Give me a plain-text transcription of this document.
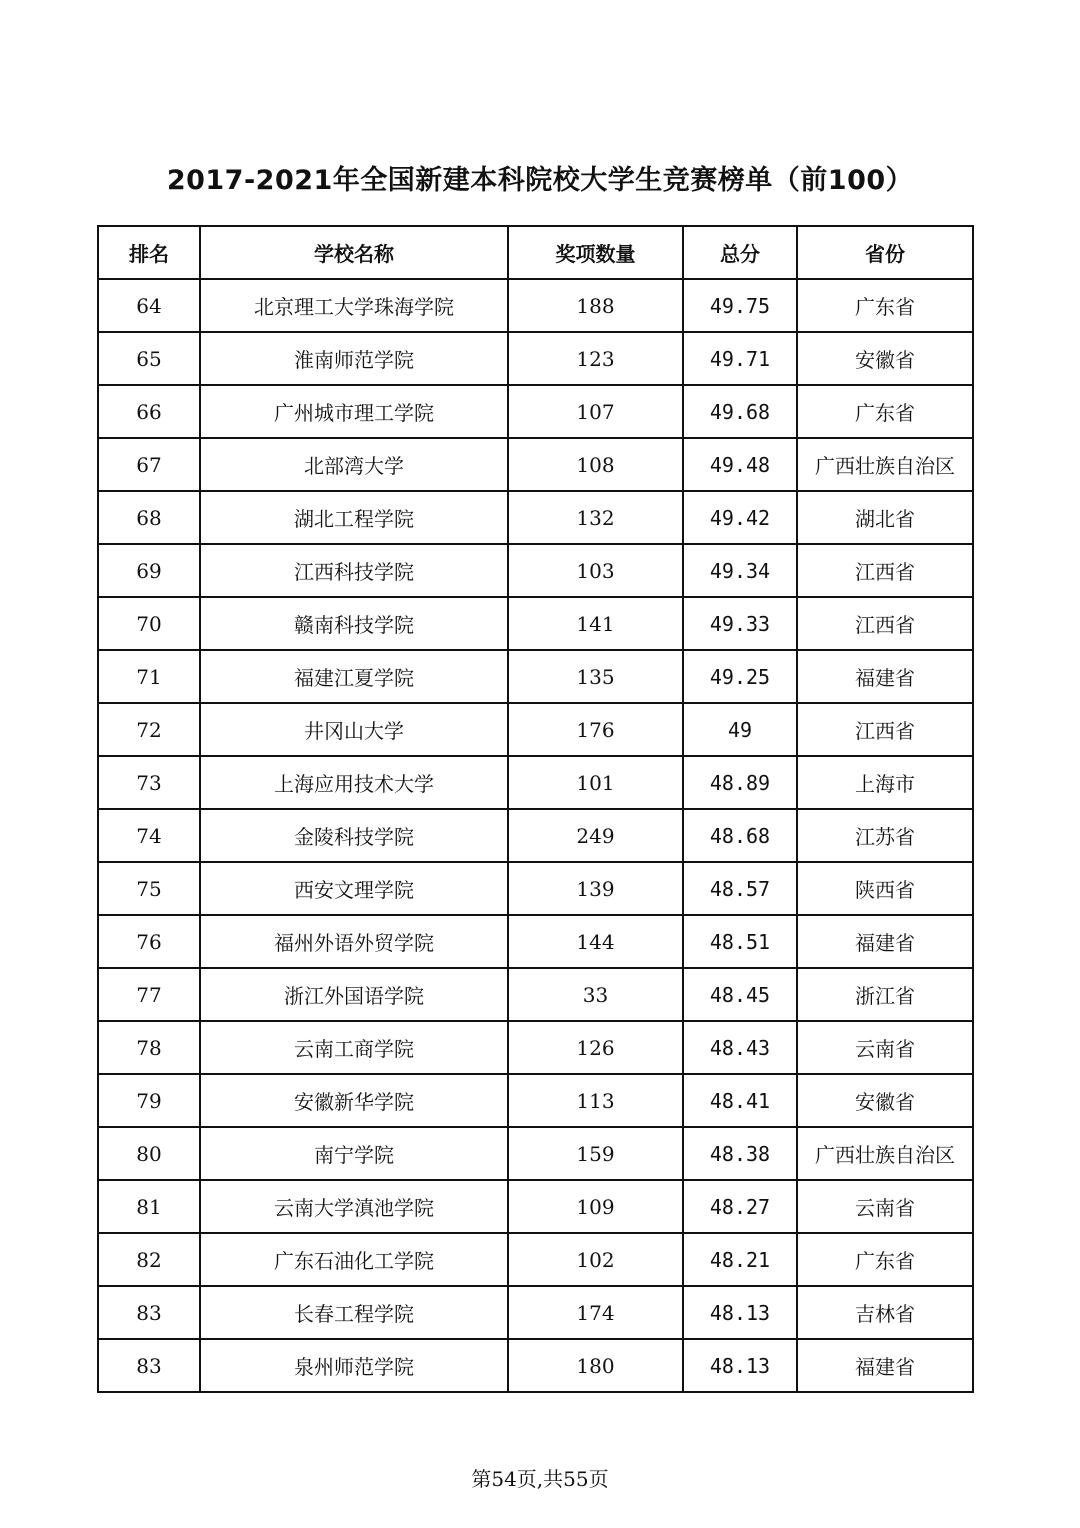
2017-2021年全国新建本科院校大学生竞赛榜单（前100）
排名	学校名称	奖项数量	总分	省份
64	北京理工大学珠海学院	188	49.75	广东省
65	淮南师范学院	123	49.71	安徽省
66	广州城市理工学院	107	49.68	广东省
67	北部湾大学	108	49.48	广西壮族自治区
68	湖北工程学院	132	49.42	湖北省
69	江西科技学院	103	49.34	江西省
70	赣南科技学院	141	49.33	江西省
71	福建江夏学院	135	49.25	福建省
72	井冈山大学	176	49	江西省
73	上海应用技术大学	101	48.89	上海市
74	金陵科技学院	249	48.68	江苏省
75	西安文理学院	139	48.57	陕西省
76	福州外语外贸学院	144	48.51	福建省
77	浙江外国语学院	33	48.45	浙江省
78	云南工商学院	126	48.43	云南省
79	安徽新华学院	113	48.41	安徽省
80	南宁学院	159	48.38	广西壮族自治区
81	云南大学滇池学院	109	48.27	云南省
82	广东石油化工学院	102	48.21	广东省
83	长春工程学院	174	48.13	吉林省
83	泉州师范学院	180	48.13	福建省
第54页,共55页
